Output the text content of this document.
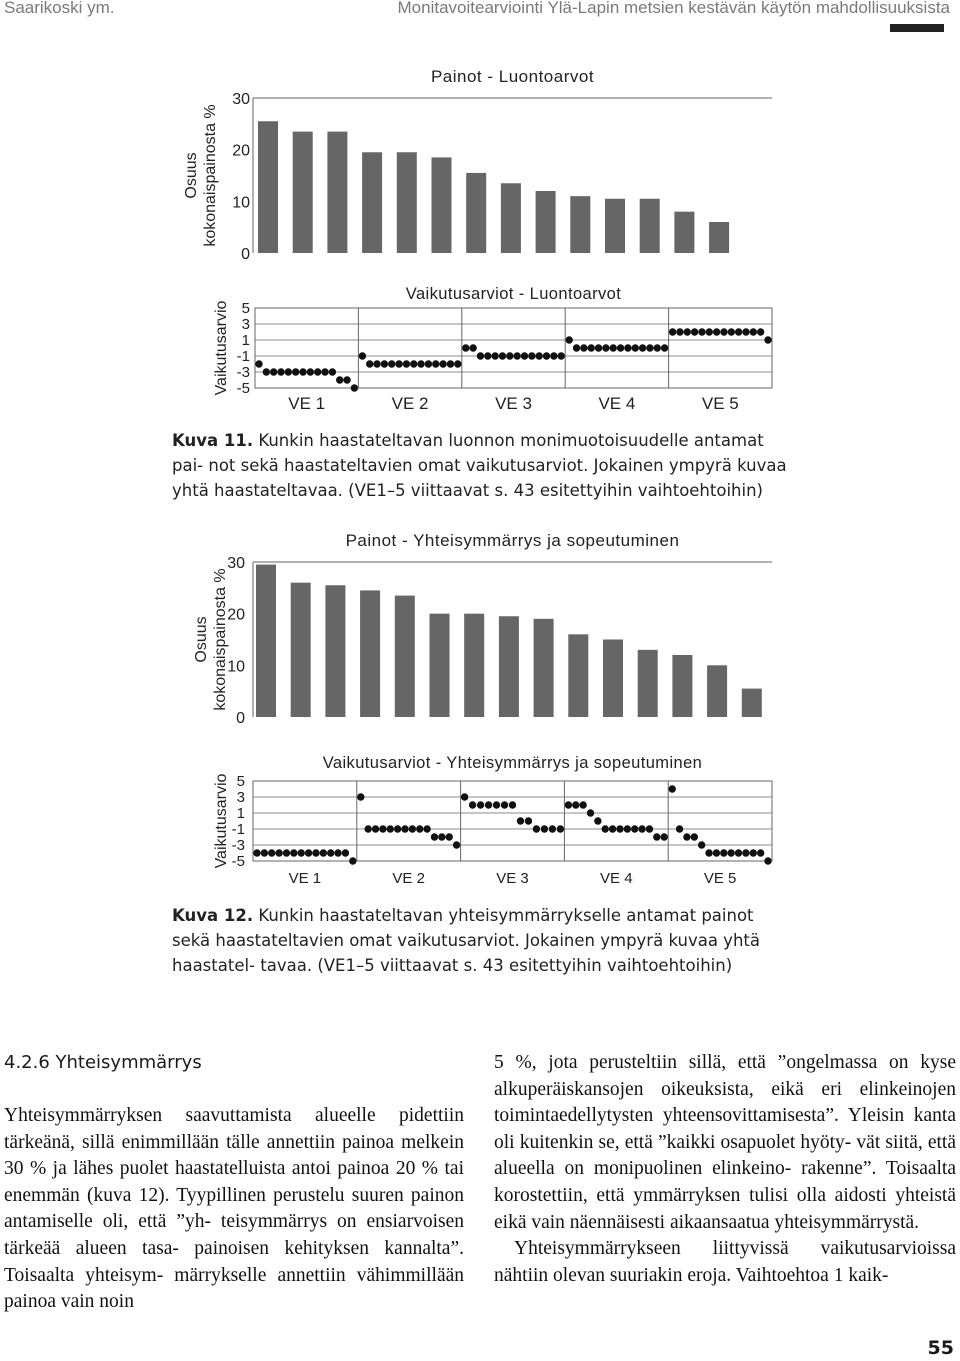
Saarikoski ym.	Monitavoitearviointi Ylä-Lapin metsien kestävän käytön mahdollisuuksista
30
20
10
0
Painot - Luontoarvot
Osuus kokonaispainosta %
5
3
1
-1
-3
-5
Vaikutusarviot - Luontoarvot
Vaikutusarvio
VE 1	VE 2	VE 3	VE 4	VE 5
30
20
10
0
Painot - Yhteisymmärrys ja sopeutuminen
Osuus kokonaispainosta %
5
3
1
-1
-3
-5
Vaikutusarviot - Yhteisymmärrys ja sopeutuminen
Vaikutusarvio
VE 1	VE 2	VE 3	VE 4	VE 5
Kuva 11. Kunkin haastateltavan luonnon monimuotoisuudelle antamat pai- not sekä haastateltavien omat vaikutusarviot. Jokainen ympyrä kuvaa yhtä haastateltavaa. (VE1–5 viittaavat s. 43 esitettyihin vaihtoehtoihin)
Kuva 12. Kunkin haastateltavan yhteisymmärrykselle antamat painot sekä haastateltavien omat vaikutusarviot. Jokainen ympyrä kuvaa yhtä haastatel- tavaa. (VE1–5 viittaavat s. 43 esitettyihin vaihtoehtoihin)
4.2.6 Yhteisymmärrys

Yhteisymmärryksen saavuttamista alueelle pidettiin tärkeänä, sillä enimmillään tälle annettiin painoa melkein 30 % ja lähes puolet haastatelluista antoi painoa 20 % tai enemmän (kuva 12). Tyypillinen perustelu suuren painon antamiselle oli, että ”yh- teisymmärrys on ensiarvoisen tärkeää alueen tasa- painoisen kehityksen kannalta”. Toisaalta yhteisym- märrykselle annettiin vähimmillään painoa vain noin

5 %, jota perusteltiin sillä, että ”ongelmassa on kyse alkuperäiskansojen oikeuksista, eikä eri elinkeinojen toimintaedellytysten yhteensovittamisesta”. Yleisin kanta oli kuitenkin se, että ”kaikki osapuolet hyöty- vät siitä, että alueella on monipuolinen elinkeino- rakenne”. Toisaalta korostettiin, että ymmärryksen tulisi olla aidosti yhteistä eikä vain näennäisesti aikaansaatua yhteisymmärrystä.

Yhteisymmärrykseen liittyvissä vaikutusarvioissa nähtiin olevan suuriakin eroja. Vaihtoehtoa 1 kaik-

55
